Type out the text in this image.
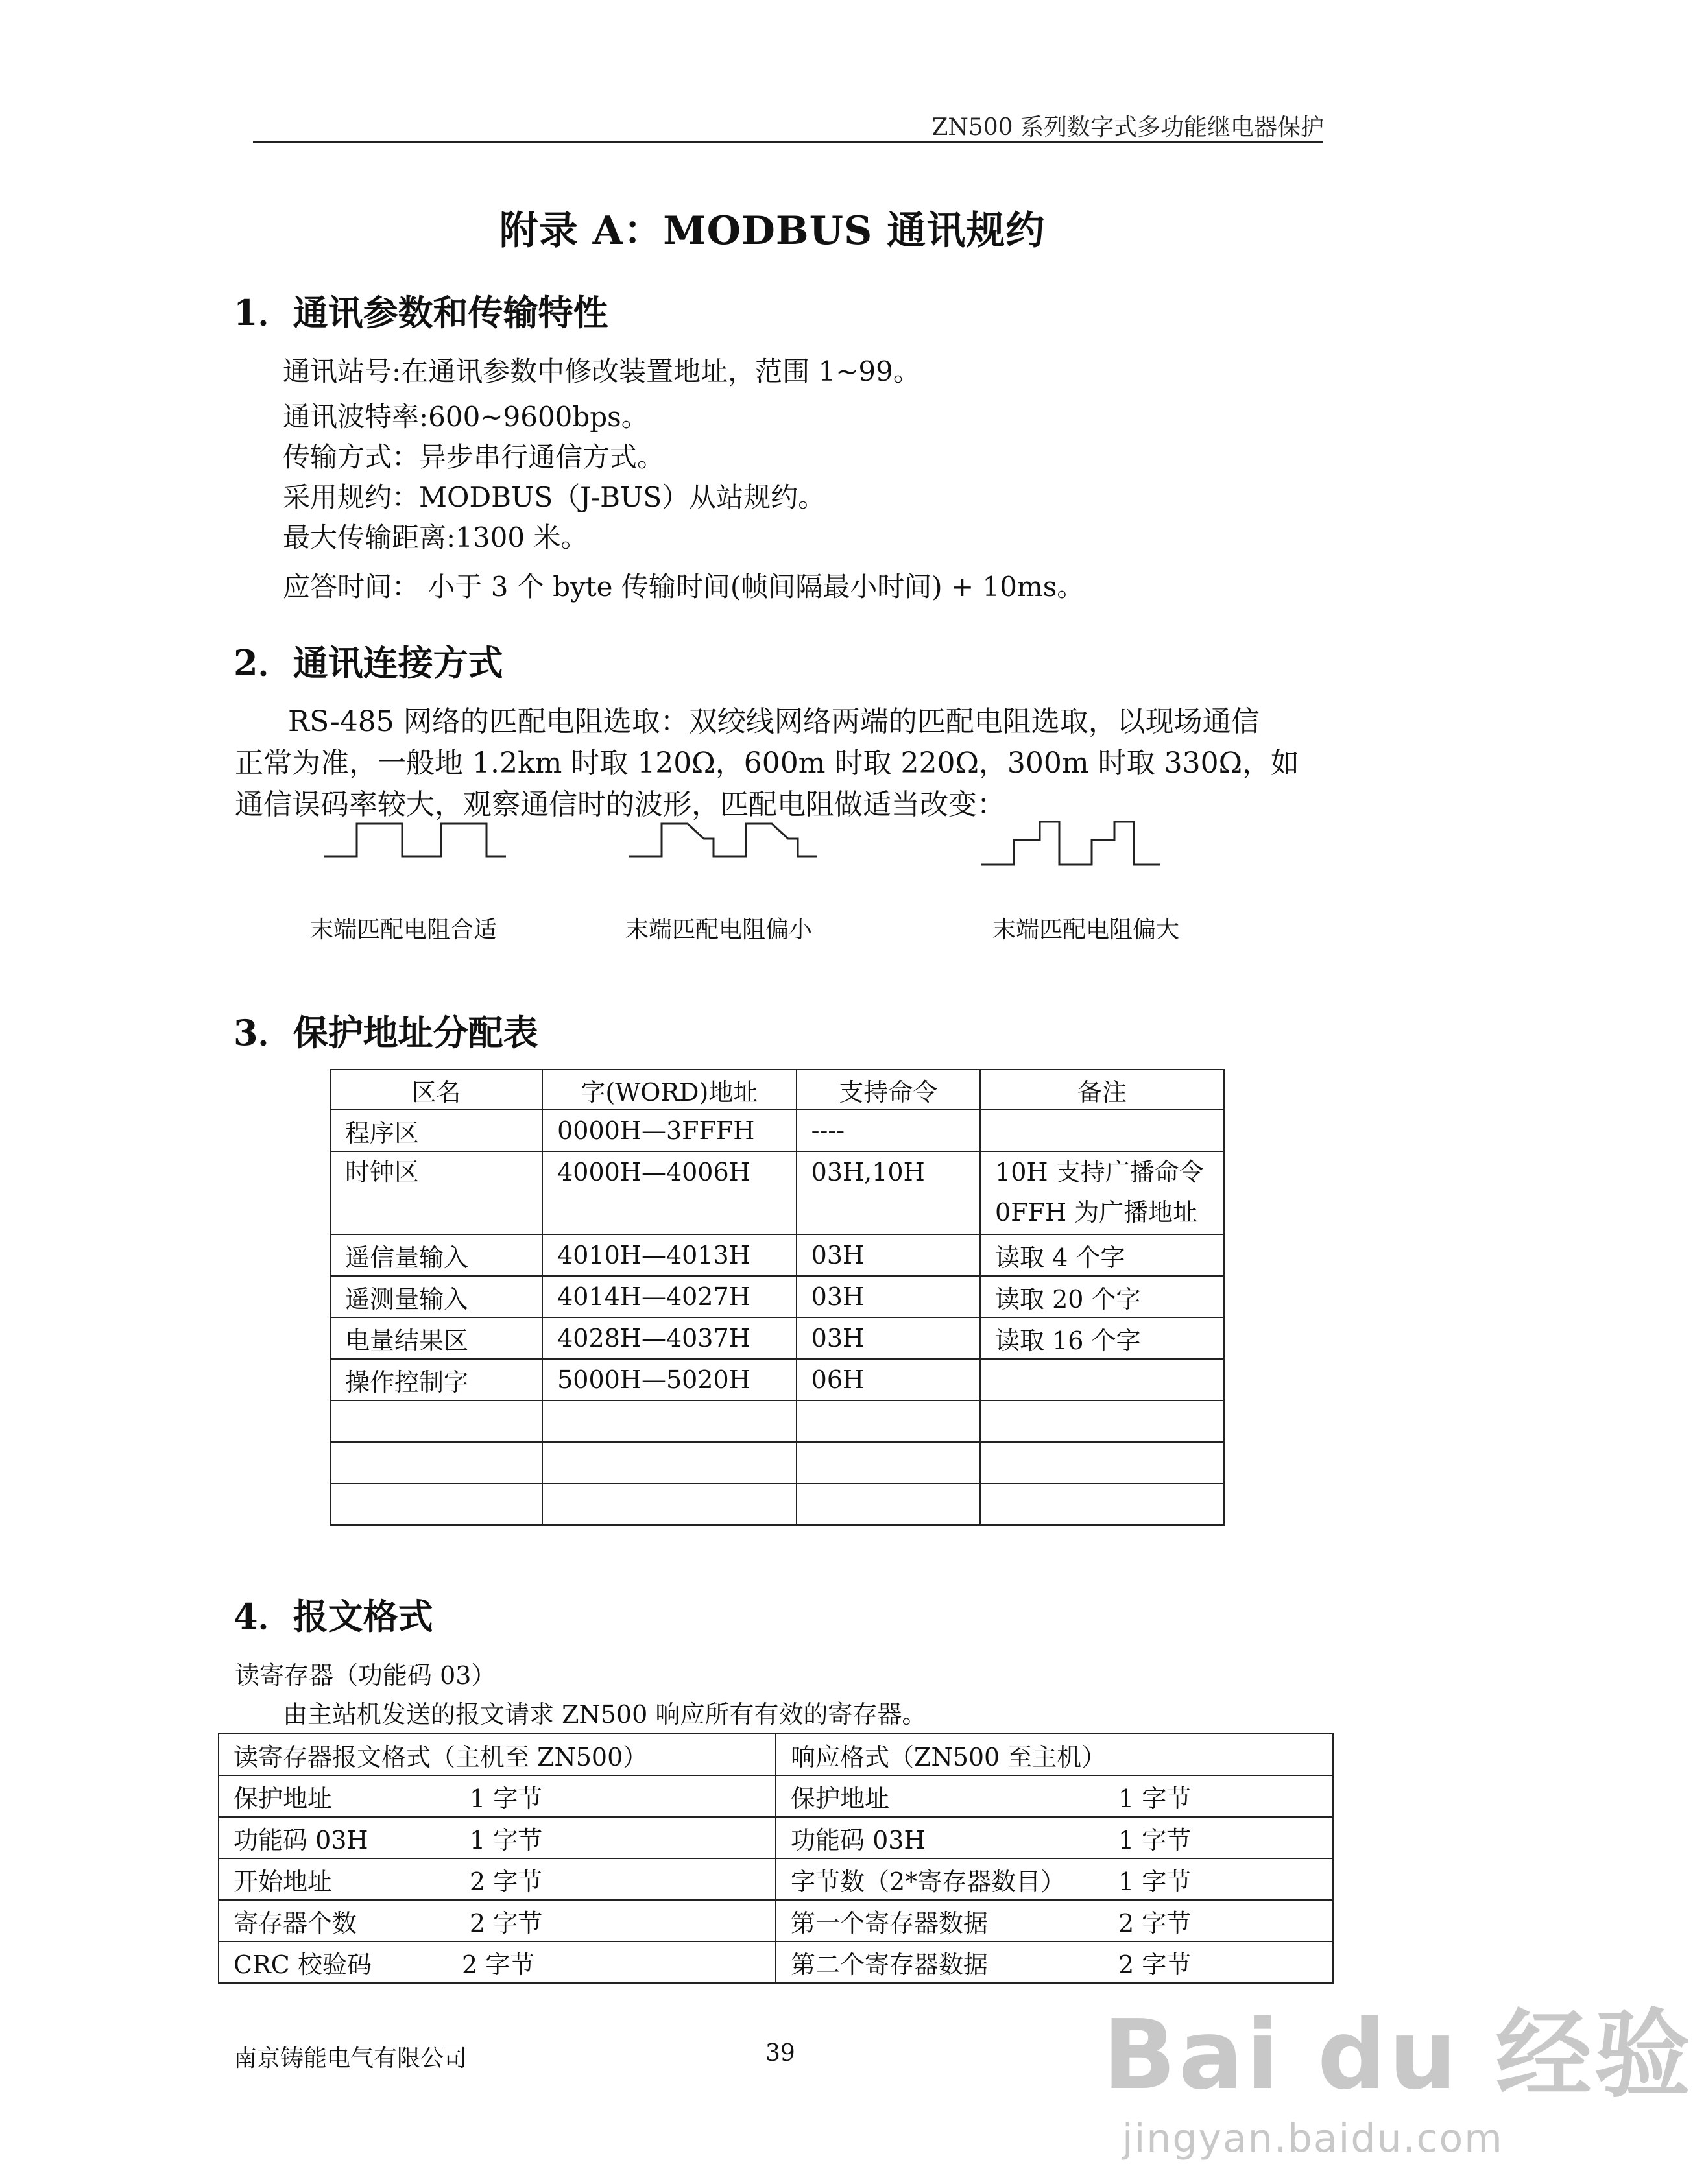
ZN500 系列数字式多功能继电器保护
附录 A：MODBUS 通讯规约
1．通讯参数和传输特性
通讯站号:在通讯参数中修改装置地址，范围 1~99。
通讯波特率:600~9600bps。
传输方式：异步串行通信方式。
采用规约：MODBUS（J-BUS）从站规约。
最大传输距离:1300 米。
应答时间： 小于 3 个 byte 传输时间(帧间隔最小时间) + 10ms。
2．通讯连接方式
RS-485 网络的匹配电阻选取：双绞线网络两端的匹配电阻选取，以现场通信
正常为准，一般地 1.2km 时取 120Ω，600m 时取 220Ω，300m 时取 330Ω，如
通信误码率较大，观察通信时的波形，匹配电阻做适当改变：
末端匹配电阻合适	末端匹配电阻偏小	末端匹配电阻偏大
3．保护地址分配表
区名	字(WORD)地址	支持命令	备注
程序区	0000H—3FFFH	----	
时钟区	4000H—4006H	03H,10H	10H 支持广播命令
0FFH 为广播地址

遥信量输入	4010H—4013H	03H	读取 4 个字
遥测量输入	4014H—4027H	03H	读取 20 个字
电量结果区	4028H—4037H	03H	读取 16 个字
操作控制字	5000H—5020H	06H	

4．报文格式
读寄存器（功能码 03）
由主站机发送的报文请求 ZN500 响应所有有效的寄存器。
读寄存器报文格式（主机至 ZN500）	响应格式（ZN500 至主机）

保护地址 1 字节	保护地址 1 字节

功能码 03H 1 字节	功能码 03H 1 字节

开始地址 2 字节	字节数（2*寄存器数目） 1 字节

寄存器个数 2 字节	第一个寄存器数据 2 字节

CRC 校验码 2 字节	第二个寄存器数据 2 字节
南京铸能电气有限公司	39	Bai du 经验
jingyan.baidu.com
